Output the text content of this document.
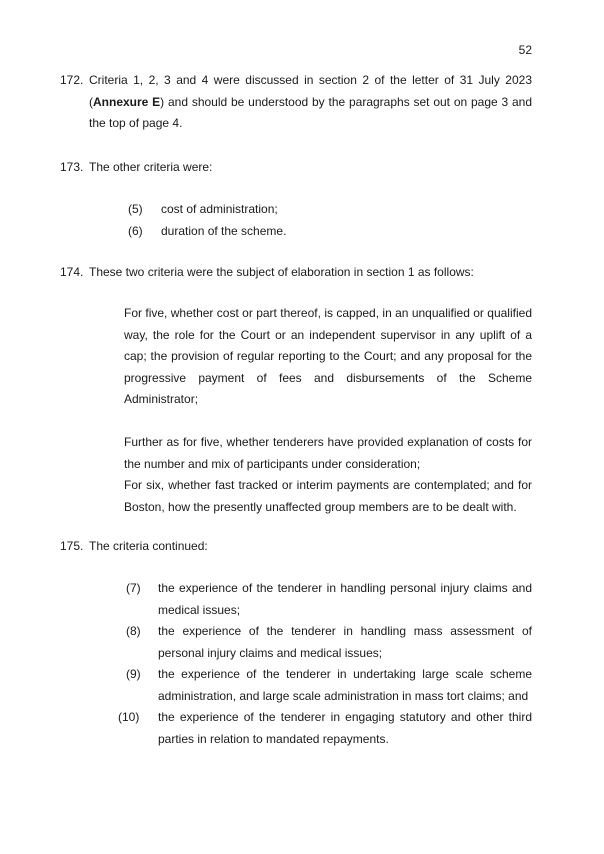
52
172. Criteria 1, 2, 3 and 4 were discussed in section 2 of the letter of 31 July 2023 (Annexure E) and should be understood by the paragraphs set out on page 3 and the top of page 4.
173. The other criteria were:
(5) cost of administration;
(6) duration of the scheme.
174. These two criteria were the subject of elaboration in section 1 as follows:

For five, whether cost or part thereof, is capped, in an unqualified or qualified way, the role for the Court or an independent supervisor in any uplift of a cap; the provision of regular reporting to the Court; and any proposal for the progressive payment of fees and disbursements of the Scheme Administrator;

Further as for five, whether tenderers have provided explanation of costs for the number and mix of participants under consideration;

For six, whether fast tracked or interim payments are contemplated; and for Boston, how the presently unaffected group members are to be dealt with.

175. The criteria continued:
(7) the experience of the tenderer in handling personal injury claims and medical issues;
(8) the experience of the tenderer in handling mass assessment of personal injury claims and medical issues;
(9) the experience of the tenderer in undertaking large scale scheme administration, and large scale administration in mass tort claims; and
(10) the experience of the tenderer in engaging statutory and other third parties in relation to mandated repayments.
